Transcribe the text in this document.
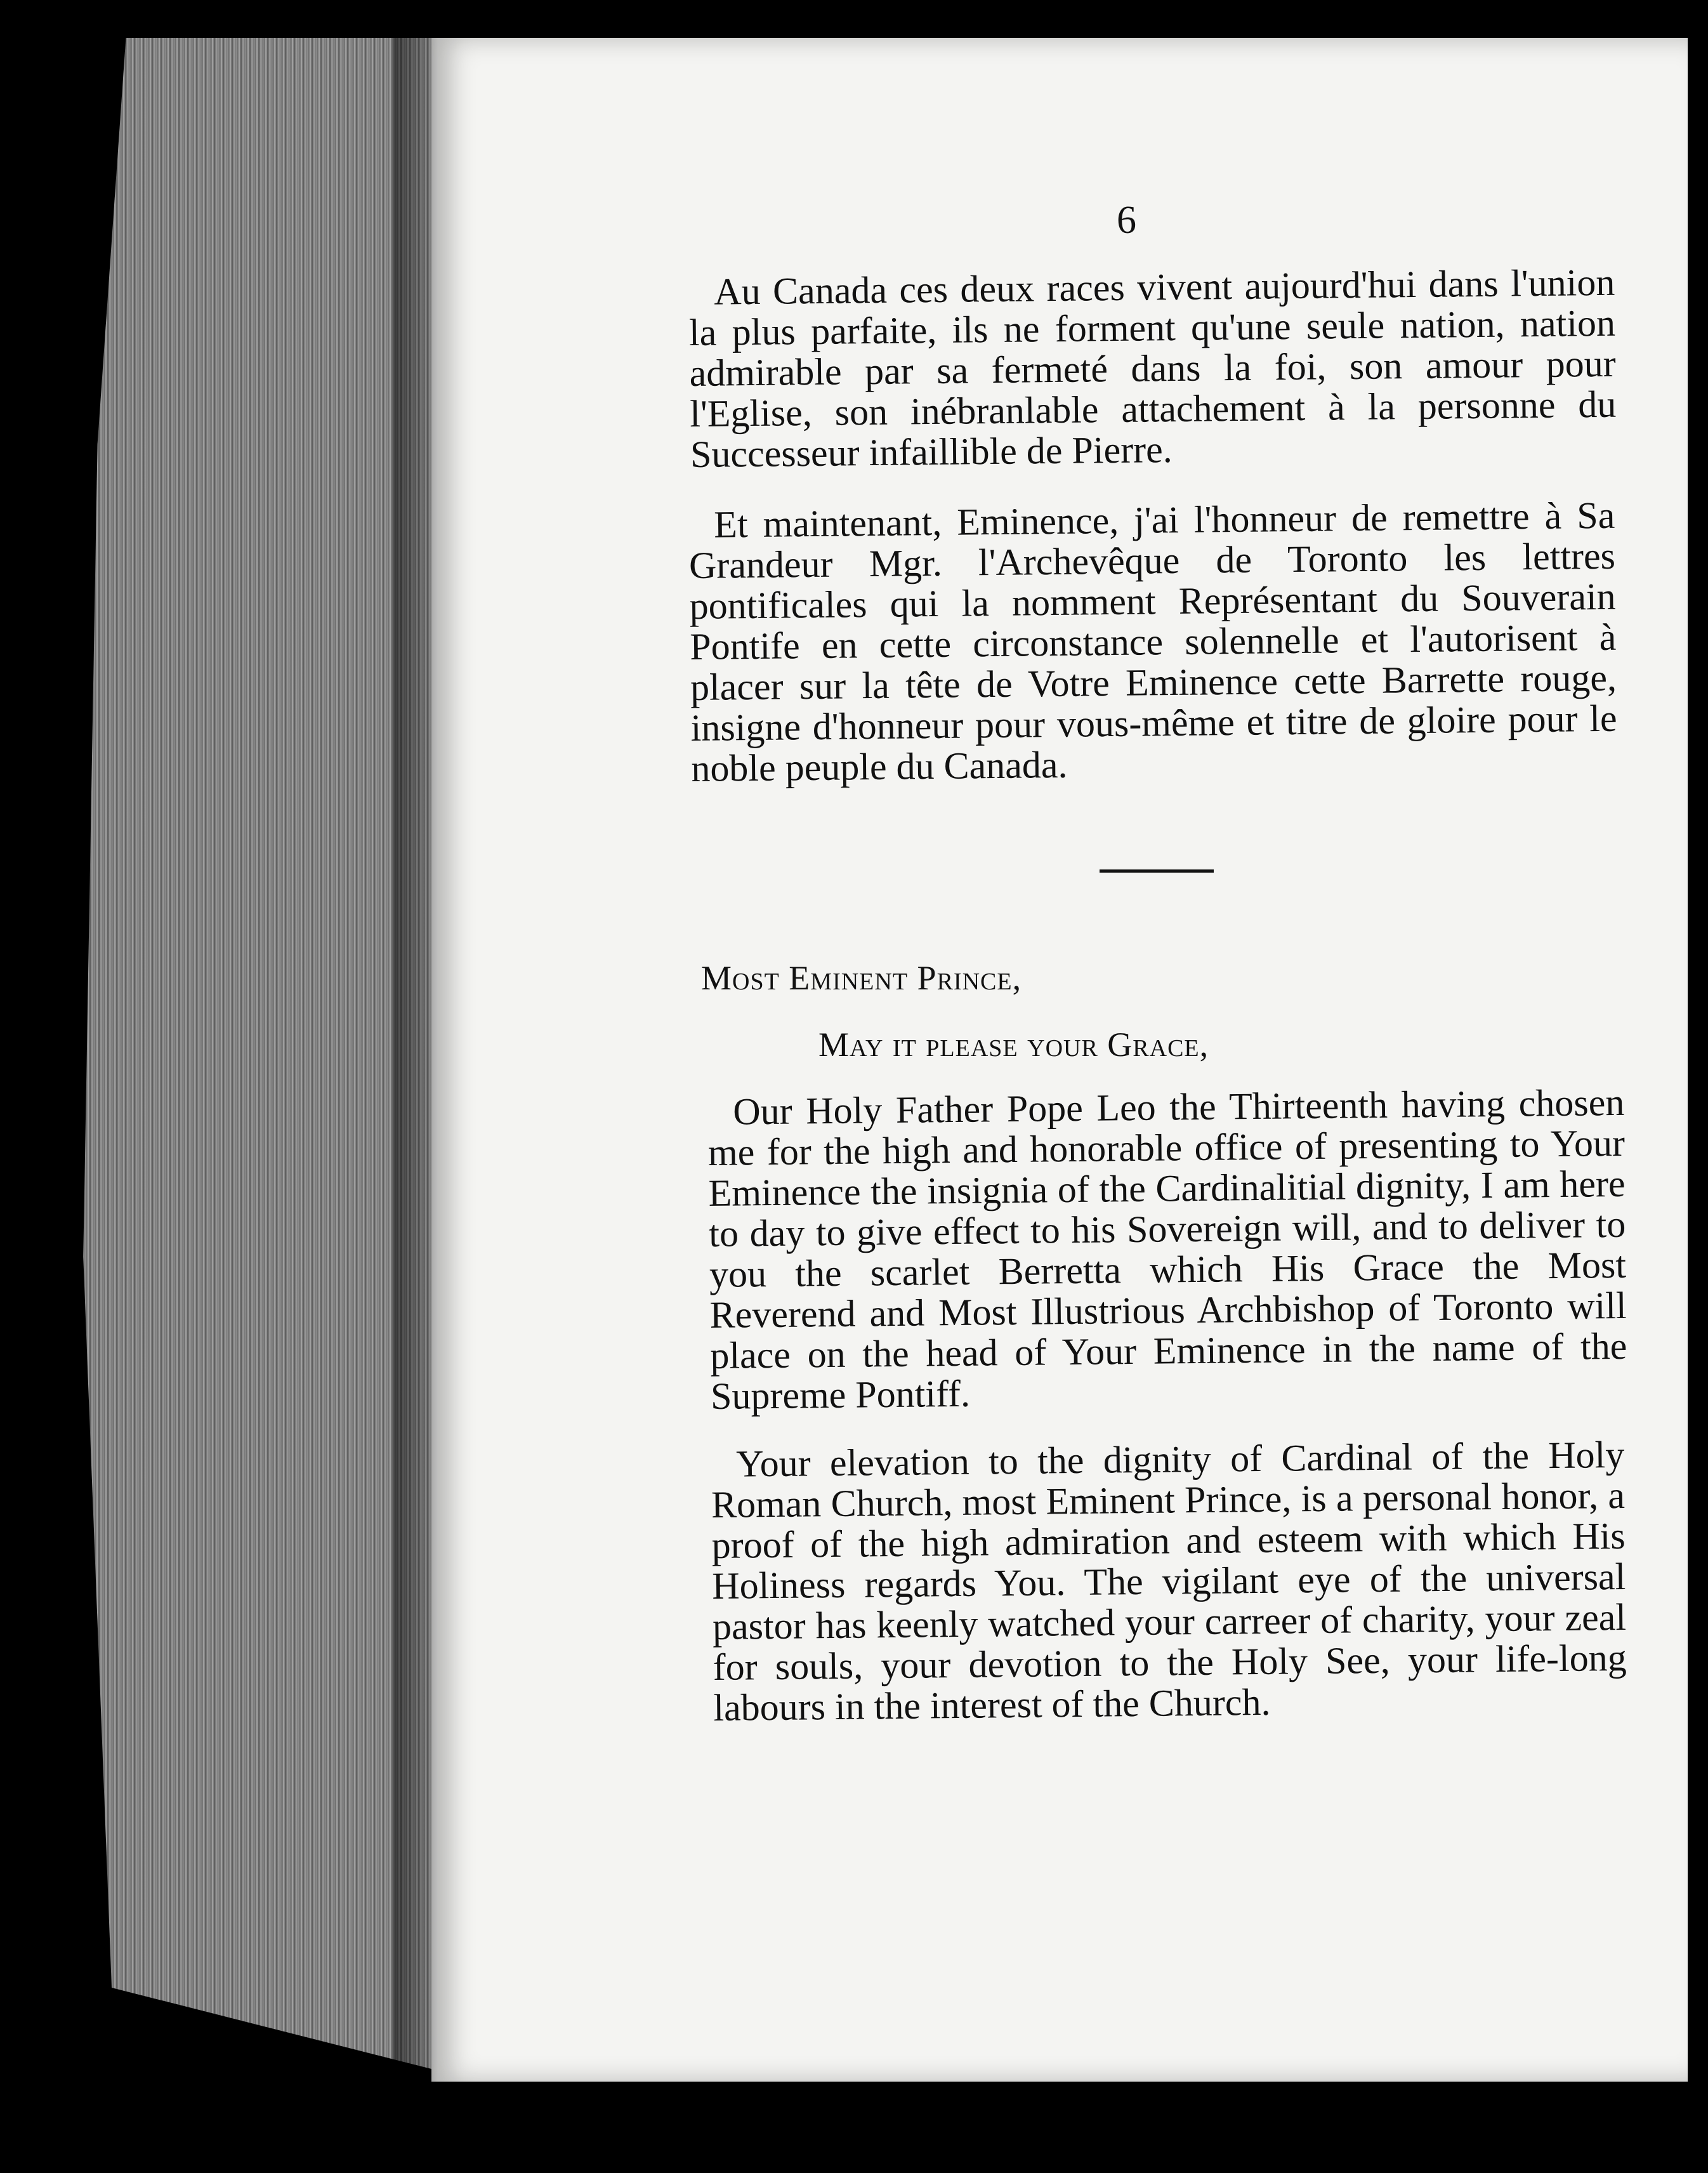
6

Au Canada ces deux races vivent aujourd'hui dans l'union la plus parfaite, ils ne forment qu'une seule nation, nation admirable par sa fermeté dans la foi, son amour pour l'Eglise, son inébranlable attachement à la personne du Successeur infaillible de Pierre.

Et maintenant, Eminence, j'ai l'honneur de remettre à Sa Grandeur Mgr. l'Archevêque de Toronto les lettres pontificales qui la nomment Représentant du Souverain Pontife en cette circonstance solennelle et l'autorisent à placer sur la tête de Votre Eminence cette Barrette rouge, insigne d'honneur pour vous-même et titre de gloire pour le noble peuple du Canada.

Most Eminent Prince,
May it please your Grace,

Our Holy Father Pope Leo the Thirteenth having chosen me for the high and honorable office of presenting to Your Eminence the insignia of the Cardinalitial dignity, I am here to day to give effect to his Sovereign will, and to deliver to you the scarlet Berretta which His Grace the Most Reverend and Most Illustrious Archbishop of Toronto will place on the head of Your Eminence in the name of the Supreme Pontiff.

Your elevation to the dignity of Cardinal of the Holy Roman Church, most Eminent Prince, is a personal honor, a proof of the high admiration and esteem with which His Holiness regards You. The vigilant eye of the universal pastor has keenly watched your carreer of charity, your zeal for souls, your devotion to the Holy See, your life-long labours in the interest of the Church.
